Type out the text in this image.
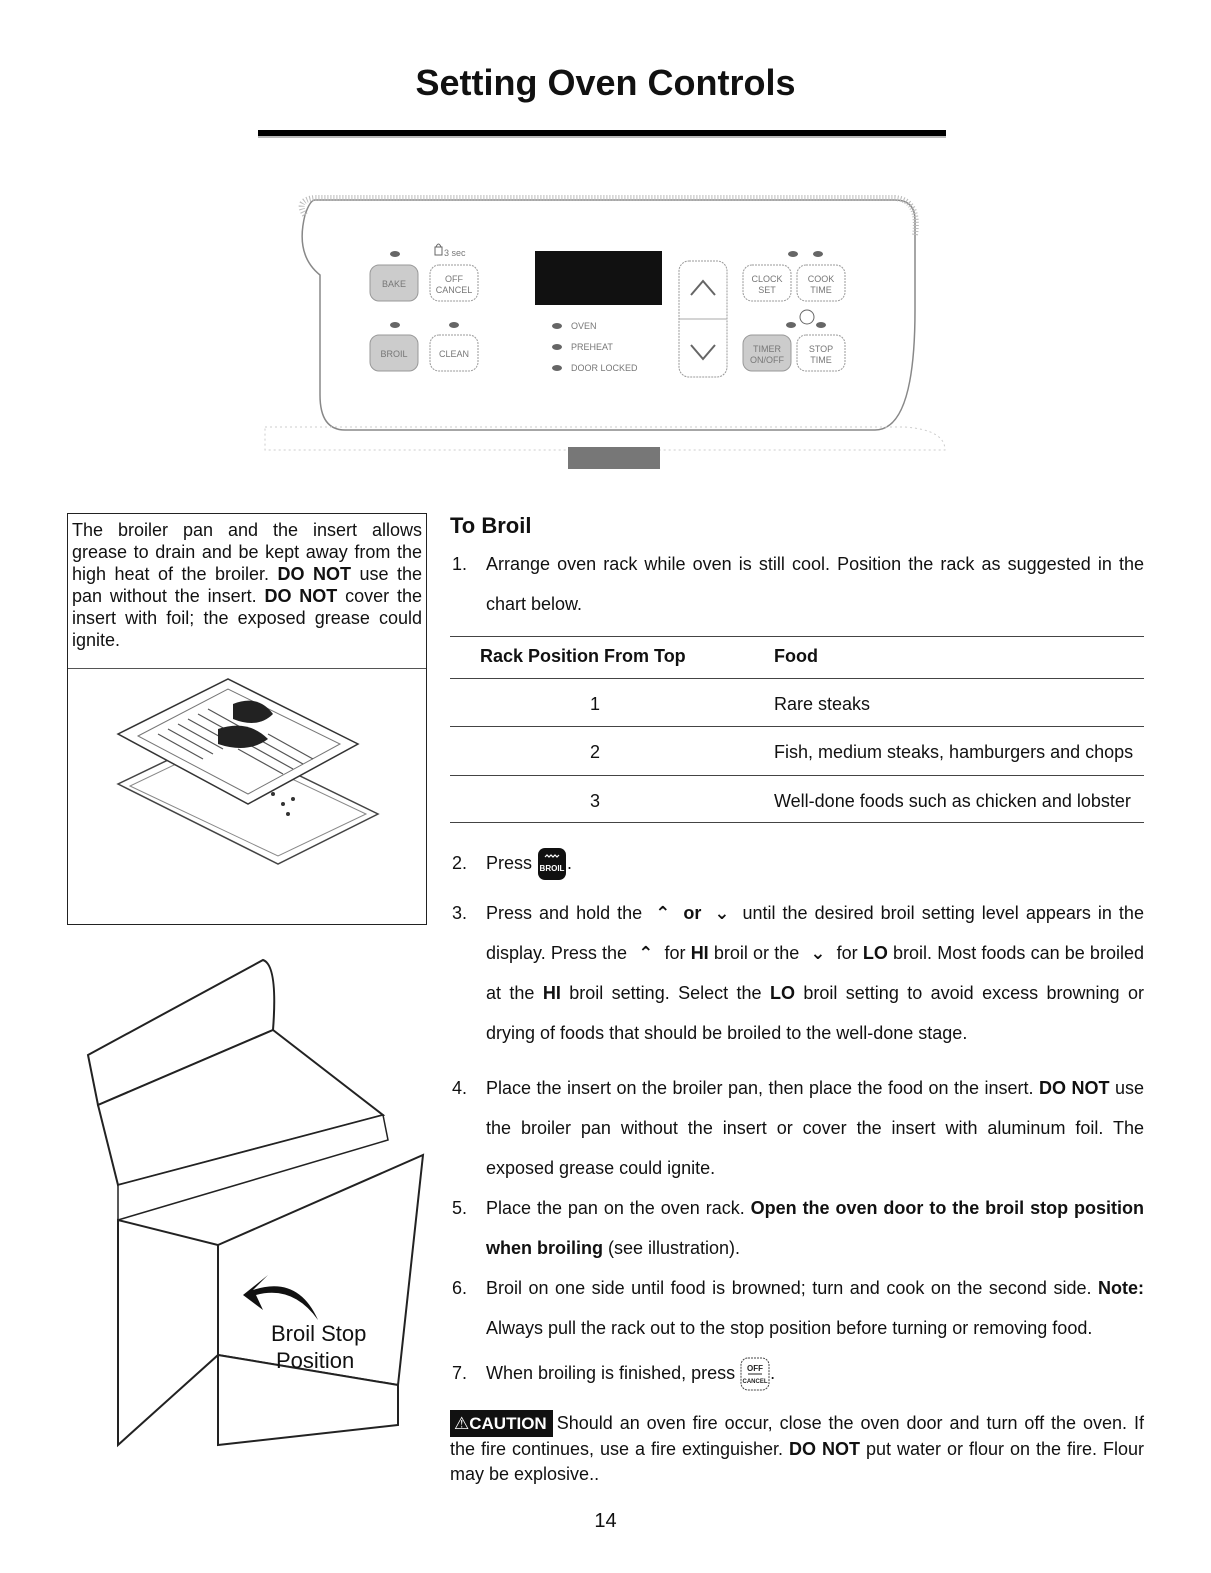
Setting Oven Controls
3 sec
BAKE	OFF
CANCEL
BROIL	CLEAN
OVEN
PREHEAT
DOOR LOCKED
CLOCK
SET
COOK
TIME
TIMER
ON/OFF
STOP
TIME
The broiler pan and the insert allows grease to drain and be kept away from the high heat of the broiler. DO NOT use the pan without the insert. DO NOT cover the insert with foil; the exposed grease could ignite.
Broil Stop
Position
To Broil
1. Arrange oven rack while oven is still cool. Position the rack as suggested in the chart below.
Rack Position From Top	Food
1	Rare steaks
2	Fish, medium steaks, hamburgers and chops
3	Well-done foods such as chicken and lobster
2. Press BROIL .
3. Press and hold the ⌃ or ⌄ until the desired broil setting level appears in the display. Press the ⌃ for HI broil or the ⌄ for LO broil. Most foods can be broiled at the HI broil setting. Select the LO broil setting to avoid excess browning or drying of foods that should be broiled to the well-done stage.
4. Place the insert on the broiler pan, then place the food on the insert. DO NOT use the broiler pan without the insert or cover the insert with aluminum foil. The exposed grease could ignite.
5. Place the pan on the oven rack. Open the oven door to the broil stop position when broiling (see illustration).
6. Broil on one side until food is browned; turn and cook on the second side. Note: Always pull the rack out to the stop position before turning or removing food.
7. When broiling is finished, press OFF
CANCEL .
⚠CAUTION Should an oven fire occur, close the oven door and turn off the oven. If the fire continues, use a fire extinguisher. DO NOT put water or flour on the fire. Flour may be explosive..
14
